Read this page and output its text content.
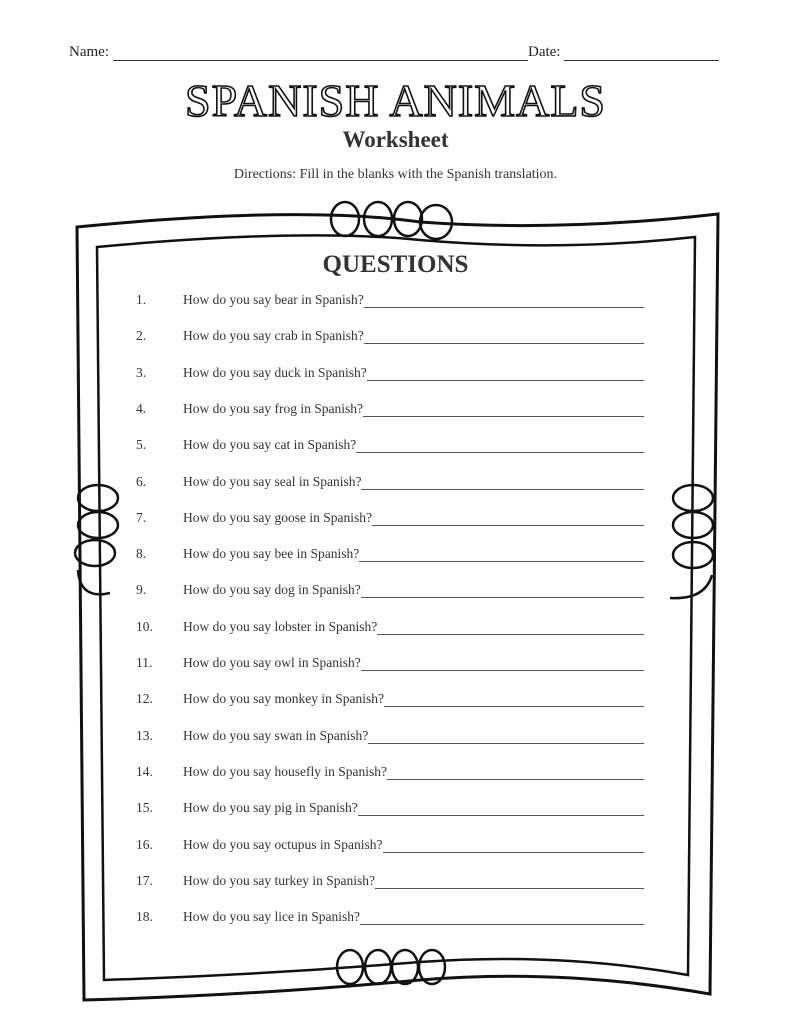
Name:	Date:
SPANISH ANIMALS
Worksheet
Directions: Fill in the blanks with the Spanish translation.
QUESTIONS
1.	How do you say bear in Spanish?
2.	How do you say crab in Spanish?
3.	How do you say duck in Spanish?
4.	How do you say frog in Spanish?
5.	How do you say cat in Spanish?
6.	How do you say seal in Spanish?
7.	How do you say goose in Spanish?
8.	How do you say bee in Spanish?
9.	How do you say dog in Spanish?
10.	How do you say lobster in Spanish?
11.	How do you say owl in Spanish?
12.	How do you say monkey in Spanish?
13.	How do you say swan in Spanish?
14.	How do you say housefly in Spanish?
15.	How do you say pig in Spanish?
16.	How do you say octupus in Spanish?
17.	How do you say turkey in Spanish?
18.	How do you say lice in Spanish?
